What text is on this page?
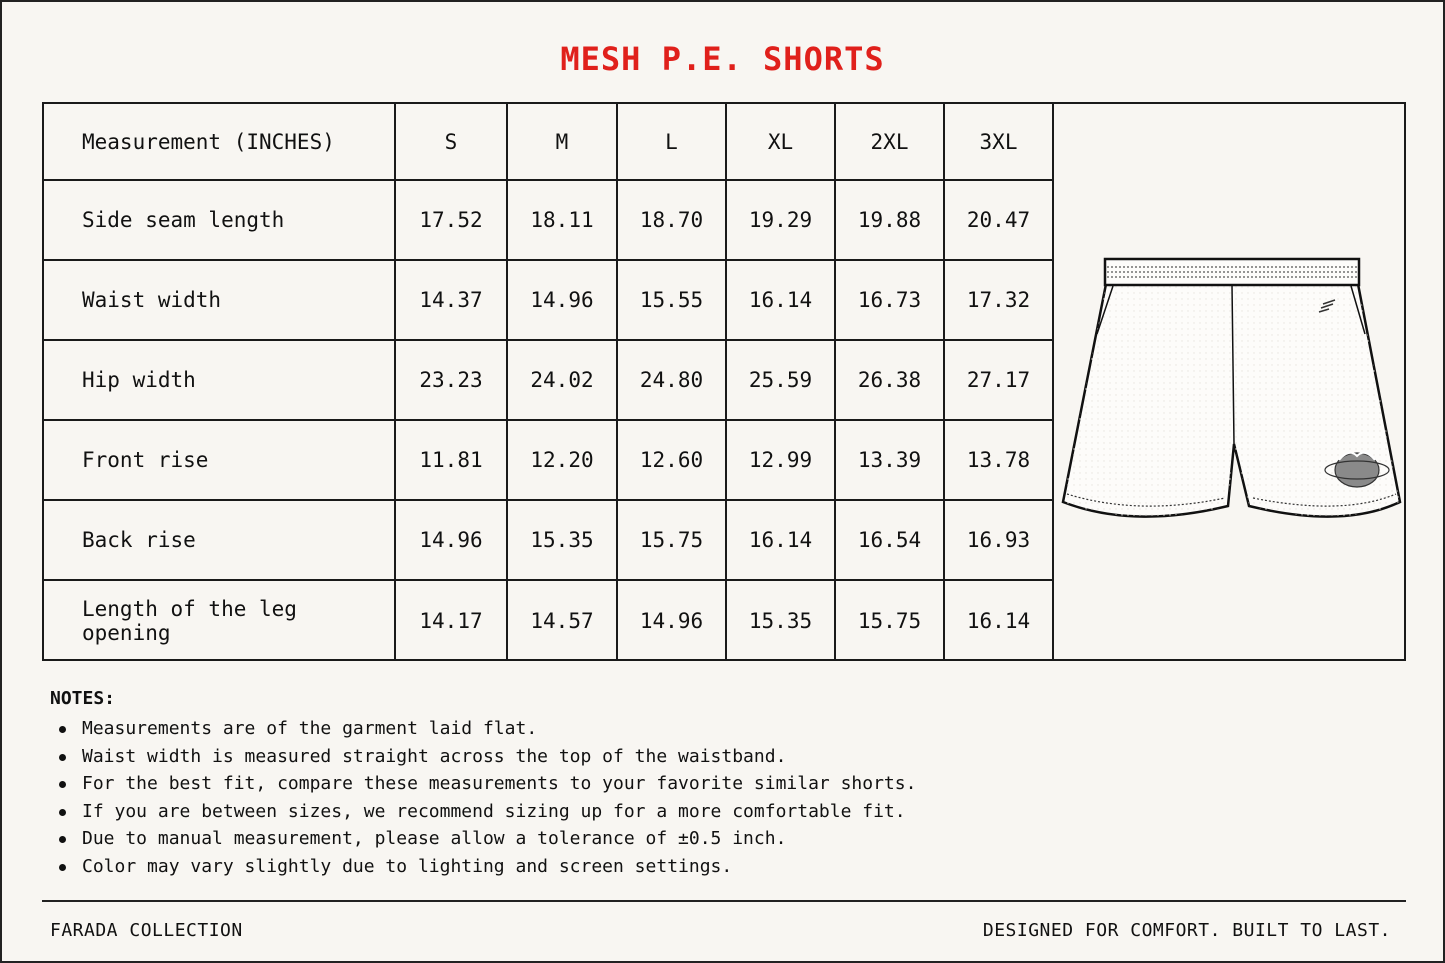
MESH P.E. SHORTS
Measurement (INCHES)	S	M	L	XL	2XL	3XL
Side seam length	17.52	18.11	18.70	19.29	19.88	20.47
Waist width	14.37	14.96	15.55	16.14	16.73	17.32
Hip width	23.23	24.02	24.80	25.59	26.38	27.17
Front rise	11.81	12.20	12.60	12.99	13.39	13.78
Back rise	14.96	15.35	15.75	16.14	16.54	16.93
Length of the leg opening	14.17	14.57	14.96	15.35	15.75	16.14
NOTES:
Measurements are of the garment laid flat.
Waist width is measured straight across the top of the waistband.
For the best fit, compare these measurements to your favorite similar shorts.
If you are between sizes, we recommend sizing up for a more comfortable fit.
Due to manual measurement, please allow a tolerance of ±0.5 inch.
Color may vary slightly due to lighting and screen settings.
FARADA COLLECTION	DESIGNED FOR COMFORT. BUILT TO LAST.
